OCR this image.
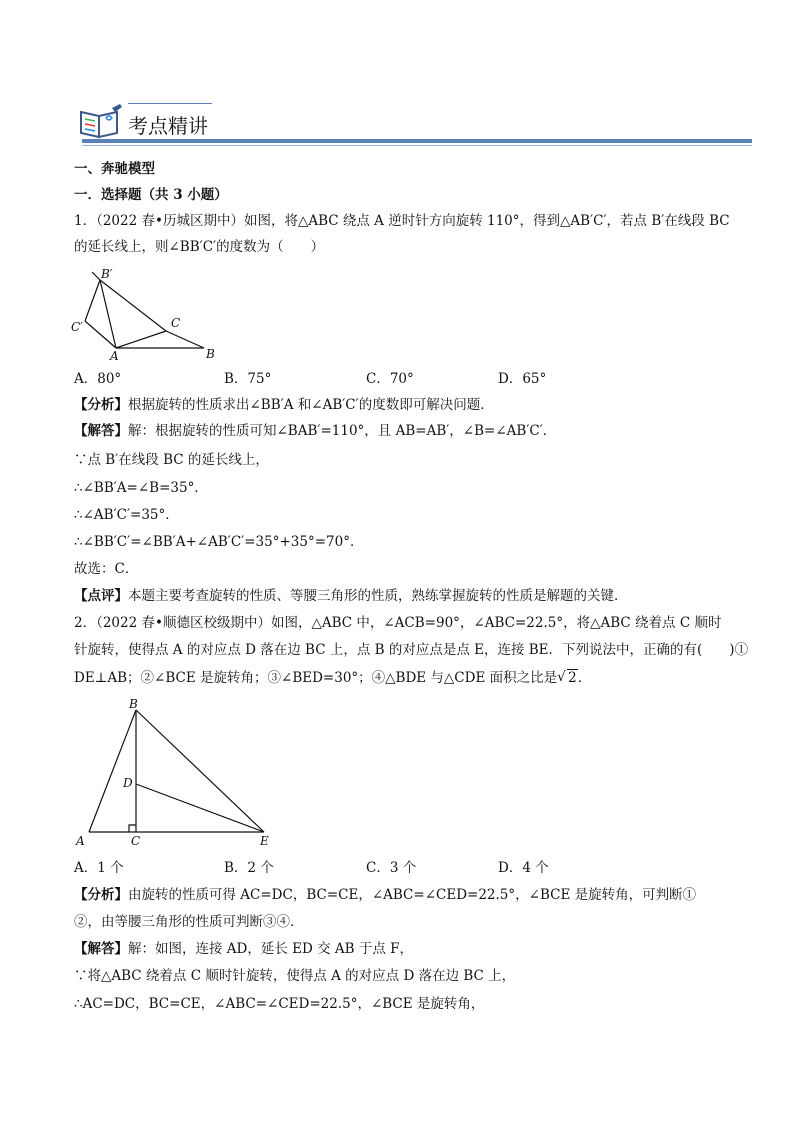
考点精讲
一、奔驰模型
一．选择题（共 3 小题）
1．（2022 春•历城区期中）如图，将△ABC 绕点 A 逆时针方向旋转 110°，得到△AB′C′，若点 B′在线段 BC
的延长线上，则∠BB′C′的度数为（　　）
B′
C′	C
A	B
A．80°	B．75°	C．70°	D．65°
【分析】根据旋转的性质求出∠BB′A 和∠AB′C′的度数即可解决问题．
【解答】解：根据旋转的性质可知∠BAB′=110°，且 AB=AB′，∠B=∠AB′C′．
∵点 B′在线段 BC 的延长线上，
∴∠BB′A=∠B=35°．
∴∠AB′C′=35°．
∴∠BB′C′=∠BB′A+∠AB′C′=35°+35°=70°．
故选：C．
【点评】本题主要考查旋转的性质、等腰三角形的性质，熟练掌握旋转的性质是解题的关键．
2．（2022 春•顺德区校级期中）如图，△ABC 中，∠ACB=90°，∠ABC=22.5°，将△ABC 绕着点 C 顺时
针旋转，使得点 A 的对应点 D 落在边 BC 上，点 B 的对应点是点 E，连接 BE．下列说法中，正确的有(　　)①
DE⊥AB；②∠BCE 是旋转角；③∠BED=30°；④△BDE 与△CDE 面积之比是 √ 2．
B
D
A	C	E
A．1 个	B．2 个	C．3 个	D．4 个
【分析】由旋转的性质可得 AC=DC，BC=CE，∠ABC=∠CED=22.5°，∠BCE 是旋转角，可判断①
②，由等腰三角形的性质可判断③④．
【解答】解：如图，连接 AD，延长 ED 交 AB 于点 F，
∵将△ABC 绕着点 C 顺时针旋转，使得点 A 的对应点 D 落在边 BC 上，
∴AC=DC，BC=CE，∠ABC=∠CED=22.5°，∠BCE 是旋转角，
